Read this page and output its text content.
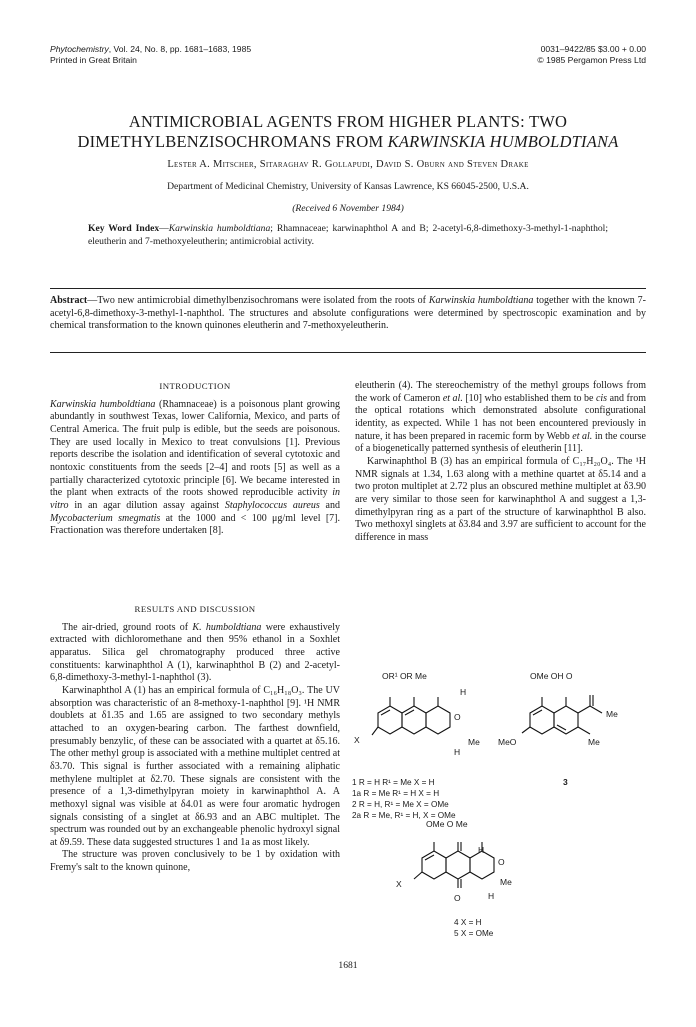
Phytochemistry, Vol. 24, No. 8, pp. 1681–1683, 1985
Printed in Great Britain
0031–9422/85 $3.00 + 0.00
© 1985 Pergamon Press Ltd
ANTIMICROBIAL AGENTS FROM HIGHER PLANTS: TWO
DIMETHYLBENZISOCHROMANS FROM KARWINSKIA HUMBOLDTIANA
Lester A. Mitscher, Sitaraghav R. Gollapudi, David S. Oburn and Steven Drake
Department of Medicinal Chemistry, University of Kansas Lawrence, KS 66045-2500, U.S.A.
(Received 6 November 1984)
Key Word Index—Karwinskia humboldtiana; Rhamnaceae; karwinaphthol A and B; 2-acetyl-6,8-dimethoxy-3-methyl-1-naphthol; eleutherin and 7-methoxyeleutherin; antimicrobial activity.
Abstract—Two new antimicrobial dimethylbenzisochromans were isolated from the roots of Karwinskia humboldtiana together with the known 7-acetyl-6,8-dimethoxy-3-methyl-1-naphthol. The structures and absolute configurations were determined by spectroscopic examination and by chemical transformation to the known quinones eleutherin and 7-methoxyeleutherin.
INTRODUCTION

Karwinskia humboldtiana (Rhamnaceae) is a poisonous plant growing abundantly in southwest Texas, lower California, Mexico, and parts of Central America. The fruit pulp is edible, but the seeds are poisonous. They are used locally in Mexico to treat convulsions [1]. Previous reports describe the isolation and identification of several cytotoxic and nontoxic constituents from the seeds [2–4] and roots [5] as well as a partially characterized cytotoxic principle [6]. We became interested in the plant when extracts of the roots showed reproducible activity in vitro in an agar dilution assay against Staphylococcus aureus and Mycobacterium smegmatis at the 1000 and < 100 μg/ml level [7]. Fractionation was therefore undertaken [8].

RESULTS AND DISCUSSION

The air-dried, ground roots of K. humboldtiana were exhaustively extracted with dichloromethane and then 95% ethanol in a Soxhlet apparatus. Silica gel chromatography produced three active constituents: karwinaphthol A (1), karwinaphthol B (2) and 2-acetyl-6,8-dimethoxy-3-methyl-1-naphthol (3).

Karwinaphthol A (1) has an empirical formula of C₁₆H₁₈O₃. The UV absorption was characteristic of an 8-methoxy-1-naphthol [9]. ¹H NMR doublets at δ1.35 and 1.65 are assigned to two secondary methyls attached to an oxygen-bearing carbon. The farthest downfield, presumably benzylic, of these can be associated with a quartet at δ5.16. The other methyl group is associated with a methine multiplet centred at δ3.70. This signal is further associated with a remaining aliphatic methylene multiplet at δ2.70. These signals are consistent with the presence of a 1,3-dimethylpyran moiety in karwinaphthol A. A methoxyl signal was visible at δ4.01 as were four aromatic hydrogen signals consisting of a singlet at δ6.93 and an ABC multiplet. The spectrum was rounded out by an exchangeable phenolic hydroxyl signal at δ9.59. These data suggested structures 1 and 1a as most likely.

The structure was proven conclusively to be 1 by oxidation with Fremy's salt to the known quinone,

eleutherin (4). The stereochemistry of the methyl groups follows from the work of Cameron et al. [10] who established them to be cis and from the optical rotations which demonstrated absolute configurational identity, as expected. While 1 has not been encountered previously in nature, it has been prepared in racemic form by Webb et al. in the course of a biogenetically patterned synthesis of eleutherin [11].

Karwinaphthol B (3) has an empirical formula of C₁₇H₂₀O₄. The ¹H NMR signals at 1.34, 1.63 along with a methine quartet at δ5.14 and a two proton multiplet at 2.72 plus an obscured methine multiplet at δ3.90 are very similar to those seen for karwinaphthol A and suggest a 1,3-dimethylpyran ring as a part of the structure of karwinaphthol B also. Two methoxyl singlets at δ3.84 and 3.97 are sufficient to account for the difference in mass

OR¹ OR Me
H
X
O
Me
H
OMe OH O
Me
MeO	Me
3
1 R = H R¹ = Me X = H
1a R = Me R¹ = H X = H
2 R = H, R¹ = Me X = OMe
2a R = Me, R¹ = H, X = OMe
OMe O Me
X
O
H
Me
H
O
4 X = H
5 X = OMe
1681
